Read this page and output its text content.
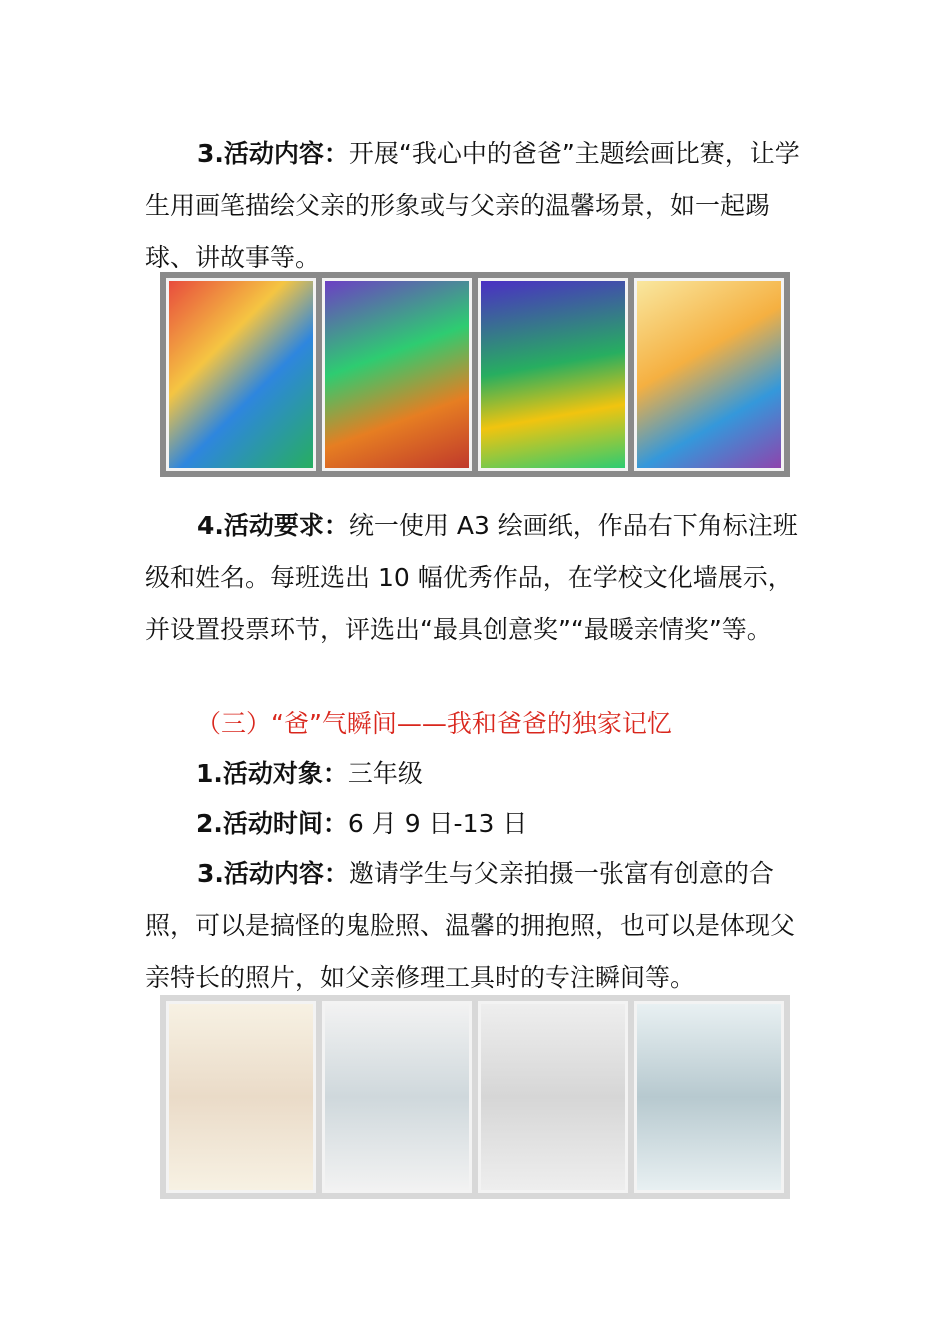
3.活动内容：开展“我心中的爸爸”主题绘画比赛，让学生用画笔描绘父亲的形象或与父亲的温馨场景，如一起踢球、讲故事等。

4.活动要求：统一使用 A3 绘画纸，作品右下角标注班级和姓名。每班选出 10 幅优秀作品，在学校文化墙展示，并设置投票环节，评选出“最具创意奖”“最暖亲情奖”等。

（三）“爸”气瞬间——我和爸爸的独家记忆
1.活动对象：三年级
2.活动时间：6 月 9 日-13 日

3.活动内容：邀请学生与父亲拍摄一张富有创意的合照，可以是搞怪的鬼脸照、温馨的拥抱照，也可以是体现父亲特长的照片，如父亲修理工具时的专注瞬间等。
